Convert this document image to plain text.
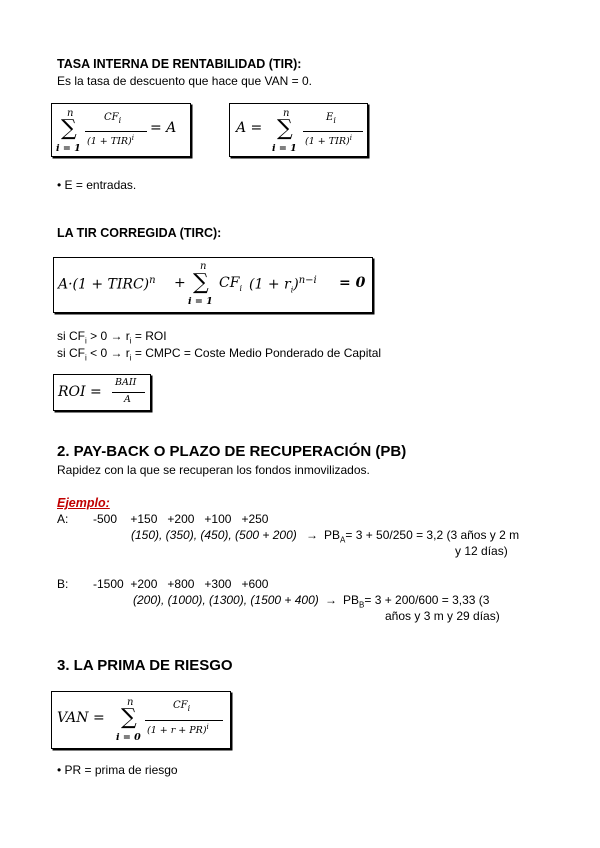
TASA INTERNA DE RENTABILIDAD (TIR):
Es la tasa de descuento que hace que VAN = 0.
n
∑
i = 1
$CF_i$
(1 + TIR)$^i$
= A	A =
n
∑
i = 1
$E_i$
(1 + TIR)$^i$
• E = entradas.
LA TIR CORREGIDA (TIRC):
A·(1 + TIRC)$^n$ +
n
∑
i = 1
$CF_i$ $(1 + r_i)^{n-i} = 0$
si $CF_i > 0 \to r_i$ = ROI
si $CF_i < 0 \to r_i$ = CMPC = Coste Medio Ponderado de Capital
ROI =
BAII
A
2. PAY-BACK O PLAZO DE RECUPERACIÓN (PB)
Rapidez con la que se recuperan los fondos inmovilizados.
Ejemplo:
A: -500    +150   +200   +100   +250
(150), (350), (450), $(500 + 200) \to PB_A= 3 + 50/250 = 3,2$ (3 años y 2 m
y 12 días)
B: -1500  +200   +800   +300   +600
(200), (1000), (1300), $(1500 + 400) \to PB_B= 3 + 200/600 = 3,33$ (3
años y 3 m y 29 días)
3. LA PRIMA DE RIESGO
VAN =
n
∑
i = 0
$CF_i$
(1 + r + PR)$^i$
• PR = prima de riesgo
